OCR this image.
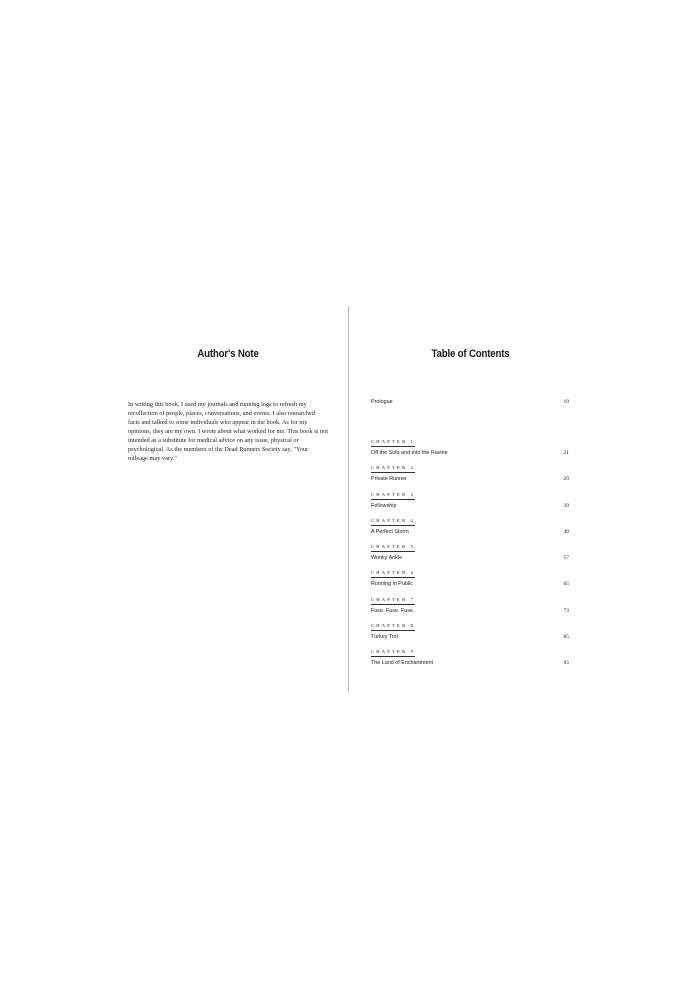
Author's Note

In writing this book, I used my journals and running logs to refresh my recollection of people, places, conversations, and events. I also researched facts and talked to some individuals who appear in the book. As for my opinions, they are my own. I wrote about what worked for me. This book is not intended as a substitute for medical advice on any issue, physical or psychological. As the members of the Dead Runners Society say, "Your mileage may vary."

Table of Contents
Prologue	19
CHAPTER 1
Off the Sofa and into the Ravine	21
CHAPTER 2
Private Runner	29
CHAPTER 3
Fellowship	39
CHAPTER 4
A Perfect Storm	49
CHAPTER 5
Wonky Ankle	57
CHAPTER 6
Running in Public	65
CHAPTER 7
Fuse. Fuse. Fuse.	73
CHAPTER 8
Turkey Trot	85
CHAPTER 9
The Land of Enchantment	95
